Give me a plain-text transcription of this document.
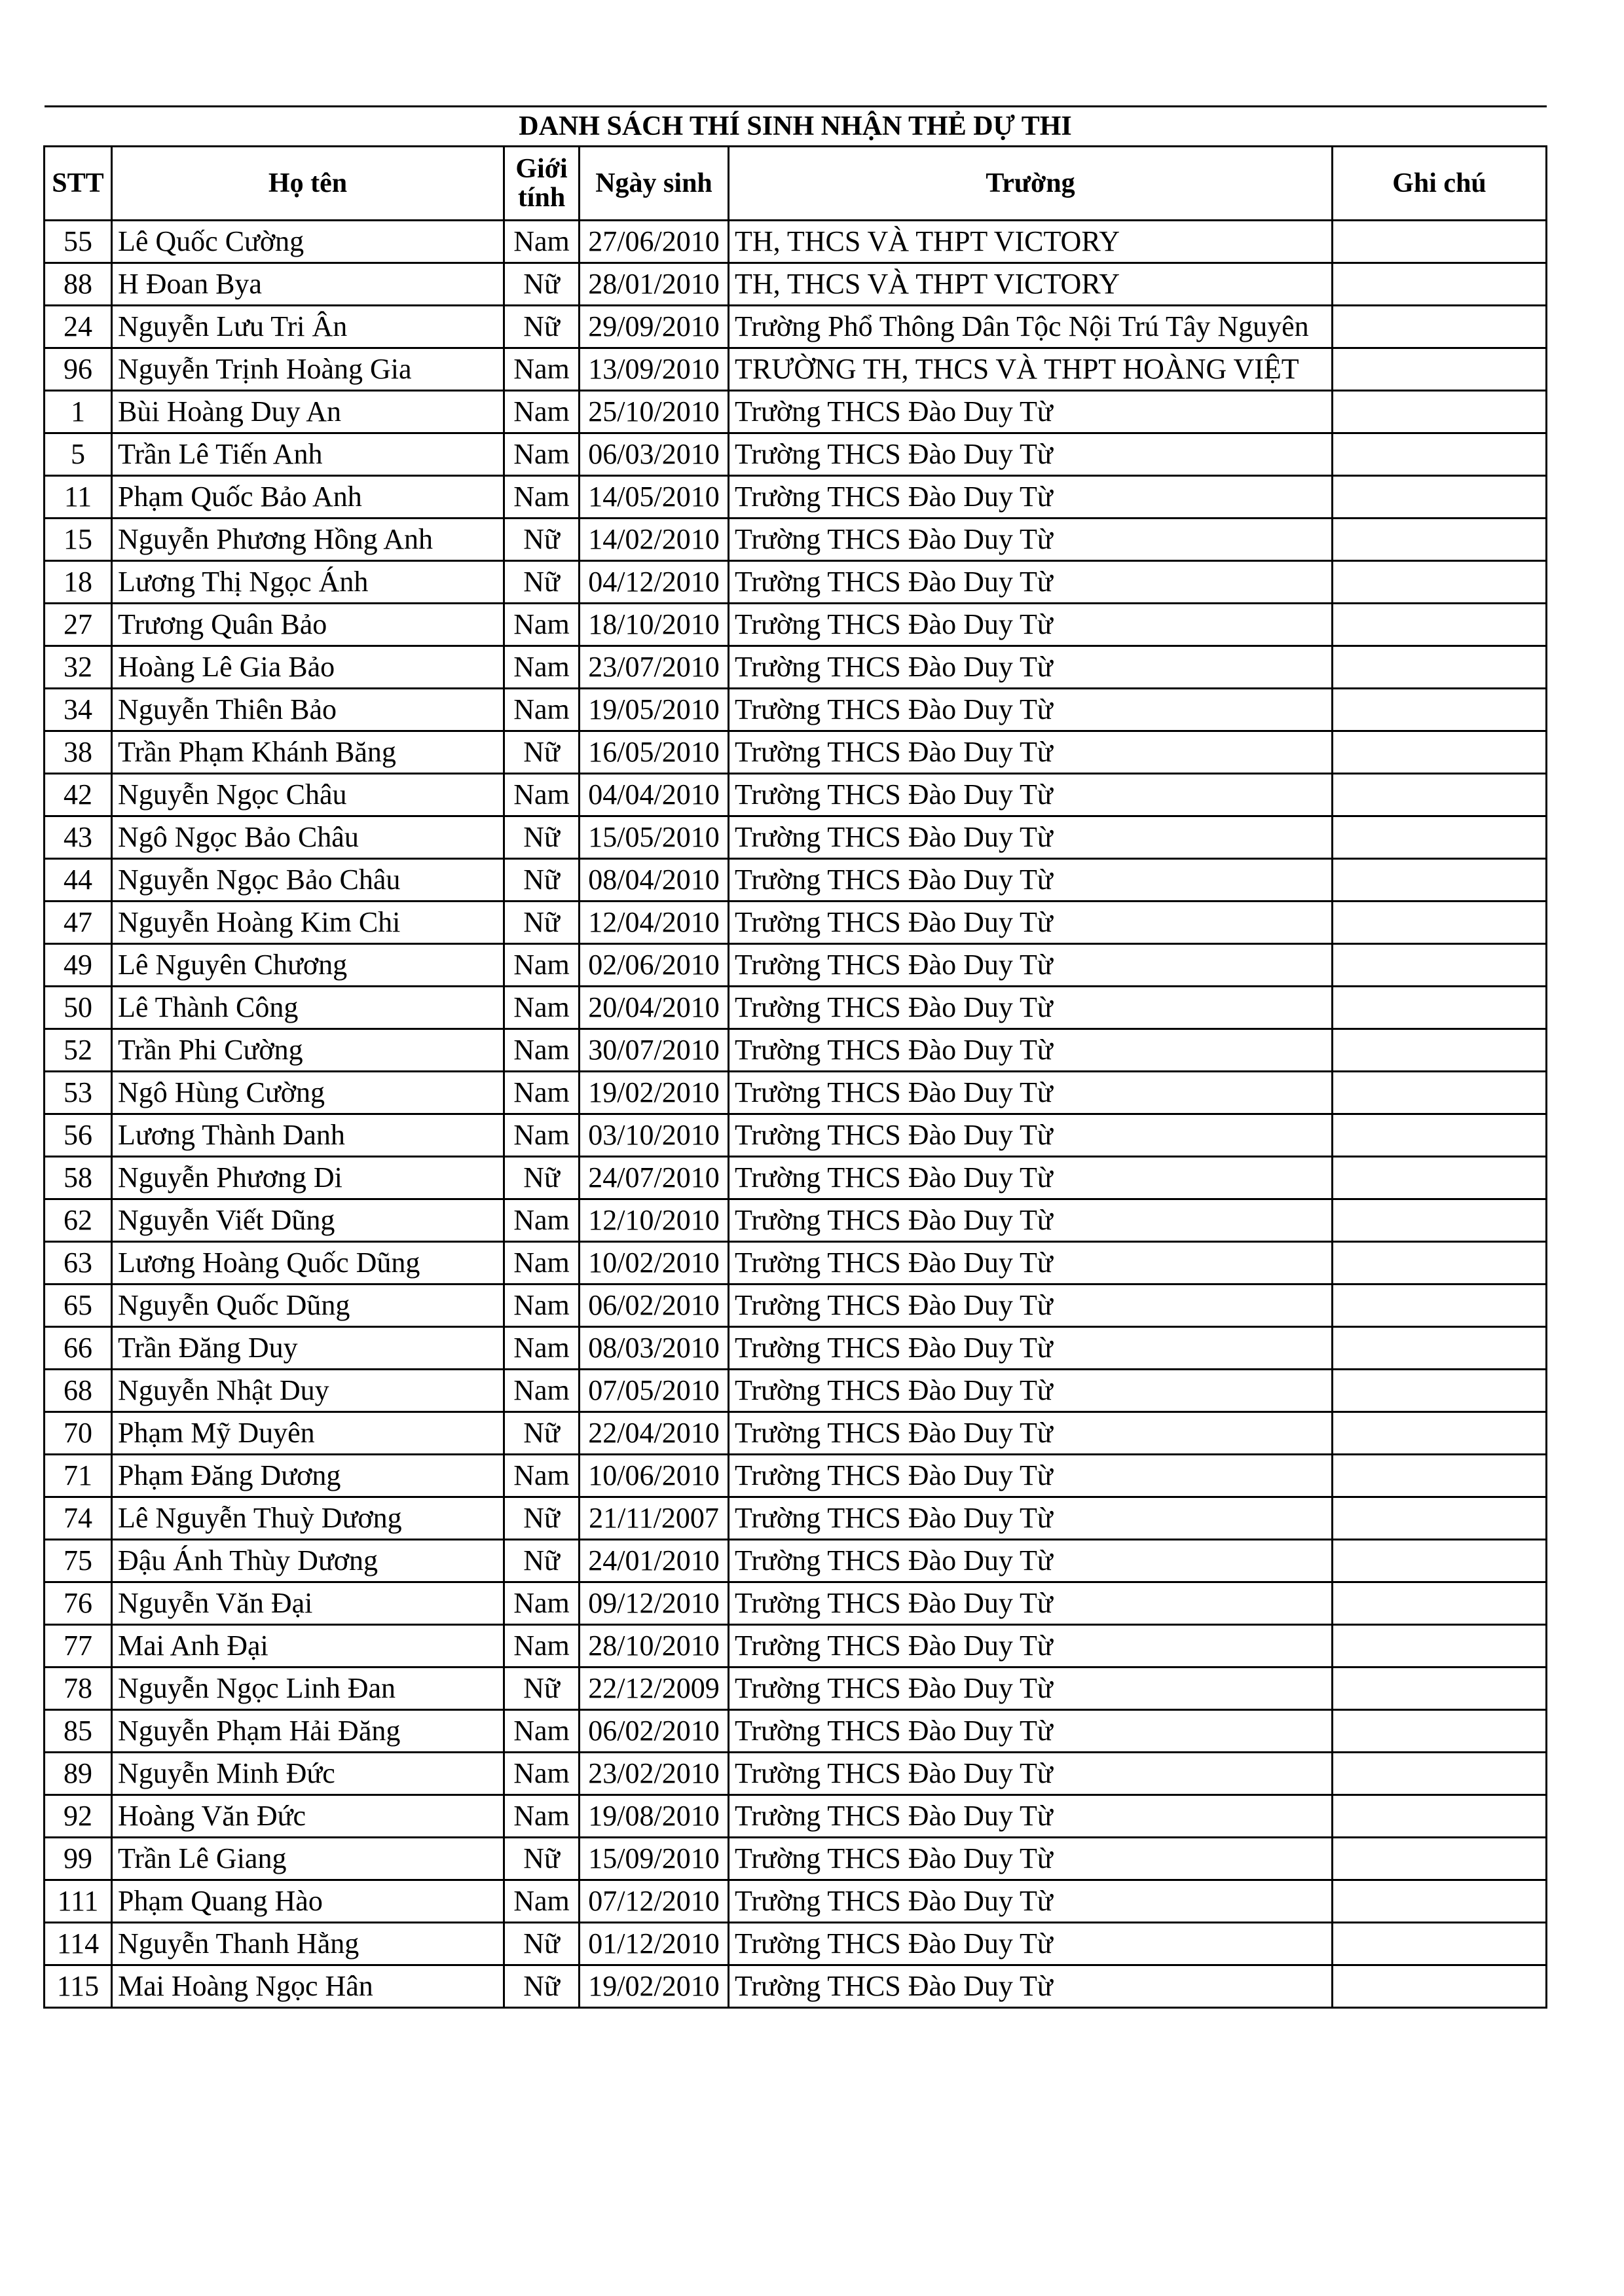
DANH SÁCH THÍ SINH NHẬN THẺ DỰ THI					
STT	Họ tên	Giới tính	Ngày sinh	Trường	Ghi chú
55	Lê Quốc Cường	Nam	27/06/2010	TH, THCS VÀ THPT VICTORY	
88	H Đoan Bya	Nữ	28/01/2010	TH, THCS VÀ THPT VICTORY	
24	Nguyễn Lưu Tri Ân	Nữ	29/09/2010	Trường Phổ Thông Dân Tộc Nội Trú Tây Nguyên	
96	Nguyễn Trịnh Hoàng Gia	Nam	13/09/2010	TRƯỜNG TH, THCS VÀ THPT HOÀNG VIỆT	
1	Bùi Hoàng Duy An	Nam	25/10/2010	Trường THCS Đào Duy Từ	
5	Trần Lê Tiến Anh	Nam	06/03/2010	Trường THCS Đào Duy Từ	
11	Phạm Quốc Bảo Anh	Nam	14/05/2010	Trường THCS Đào Duy Từ	
15	Nguyễn Phương Hồng Anh	Nữ	14/02/2010	Trường THCS Đào Duy Từ	
18	Lương Thị Ngọc Ánh	Nữ	04/12/2010	Trường THCS Đào Duy Từ	
27	Trương Quân Bảo	Nam	18/10/2010	Trường THCS Đào Duy Từ	
32	Hoàng Lê Gia Bảo	Nam	23/07/2010	Trường THCS Đào Duy Từ	
34	Nguyễn Thiên Bảo	Nam	19/05/2010	Trường THCS Đào Duy Từ	
38	Trần Phạm Khánh Băng	Nữ	16/05/2010	Trường THCS Đào Duy Từ	
42	Nguyễn Ngọc Châu	Nam	04/04/2010	Trường THCS Đào Duy Từ	
43	Ngô Ngọc Bảo Châu	Nữ	15/05/2010	Trường THCS Đào Duy Từ	
44	Nguyễn Ngọc Bảo Châu	Nữ	08/04/2010	Trường THCS Đào Duy Từ	
47	Nguyễn Hoàng Kim Chi	Nữ	12/04/2010	Trường THCS Đào Duy Từ	
49	Lê Nguyên Chương	Nam	02/06/2010	Trường THCS Đào Duy Từ	
50	Lê Thành Công	Nam	20/04/2010	Trường THCS Đào Duy Từ	
52	Trần Phi Cường	Nam	30/07/2010	Trường THCS Đào Duy Từ	
53	Ngô Hùng Cường	Nam	19/02/2010	Trường THCS Đào Duy Từ	
56	Lương Thành Danh	Nam	03/10/2010	Trường THCS Đào Duy Từ	
58	Nguyễn Phương Di	Nữ	24/07/2010	Trường THCS Đào Duy Từ	
62	Nguyễn Viết Dũng	Nam	12/10/2010	Trường THCS Đào Duy Từ	
63	Lương Hoàng Quốc Dũng	Nam	10/02/2010	Trường THCS Đào Duy Từ	
65	Nguyễn Quốc Dũng	Nam	06/02/2010	Trường THCS Đào Duy Từ	
66	Trần Đăng Duy	Nam	08/03/2010	Trường THCS Đào Duy Từ	
68	Nguyễn Nhật Duy	Nam	07/05/2010	Trường THCS Đào Duy Từ	
70	Phạm Mỹ Duyên	Nữ	22/04/2010	Trường THCS Đào Duy Từ	
71	Phạm Đăng Dương	Nam	10/06/2010	Trường THCS Đào Duy Từ	
74	Lê Nguyễn Thuỳ Dương	Nữ	21/11/2007	Trường THCS Đào Duy Từ	
75	Đậu Ánh Thùy Dương	Nữ	24/01/2010	Trường THCS Đào Duy Từ	
76	Nguyễn Văn Đại	Nam	09/12/2010	Trường THCS Đào Duy Từ	
77	Mai Anh Đại	Nam	28/10/2010	Trường THCS Đào Duy Từ	
78	Nguyễn Ngọc Linh Đan	Nữ	22/12/2009	Trường THCS Đào Duy Từ	
85	Nguyễn Phạm Hải Đăng	Nam	06/02/2010	Trường THCS Đào Duy Từ	
89	Nguyễn Minh Đức	Nam	23/02/2010	Trường THCS Đào Duy Từ	
92	Hoàng Văn Đức	Nam	19/08/2010	Trường THCS Đào Duy Từ	
99	Trần Lê Giang	Nữ	15/09/2010	Trường THCS Đào Duy Từ	
111	Phạm Quang Hào	Nam	07/12/2010	Trường THCS Đào Duy Từ	
114	Nguyễn Thanh Hằng	Nữ	01/12/2010	Trường THCS Đào Duy Từ	
115	Mai Hoàng Ngọc Hân	Nữ	19/02/2010	Trường THCS Đào Duy Từ	
